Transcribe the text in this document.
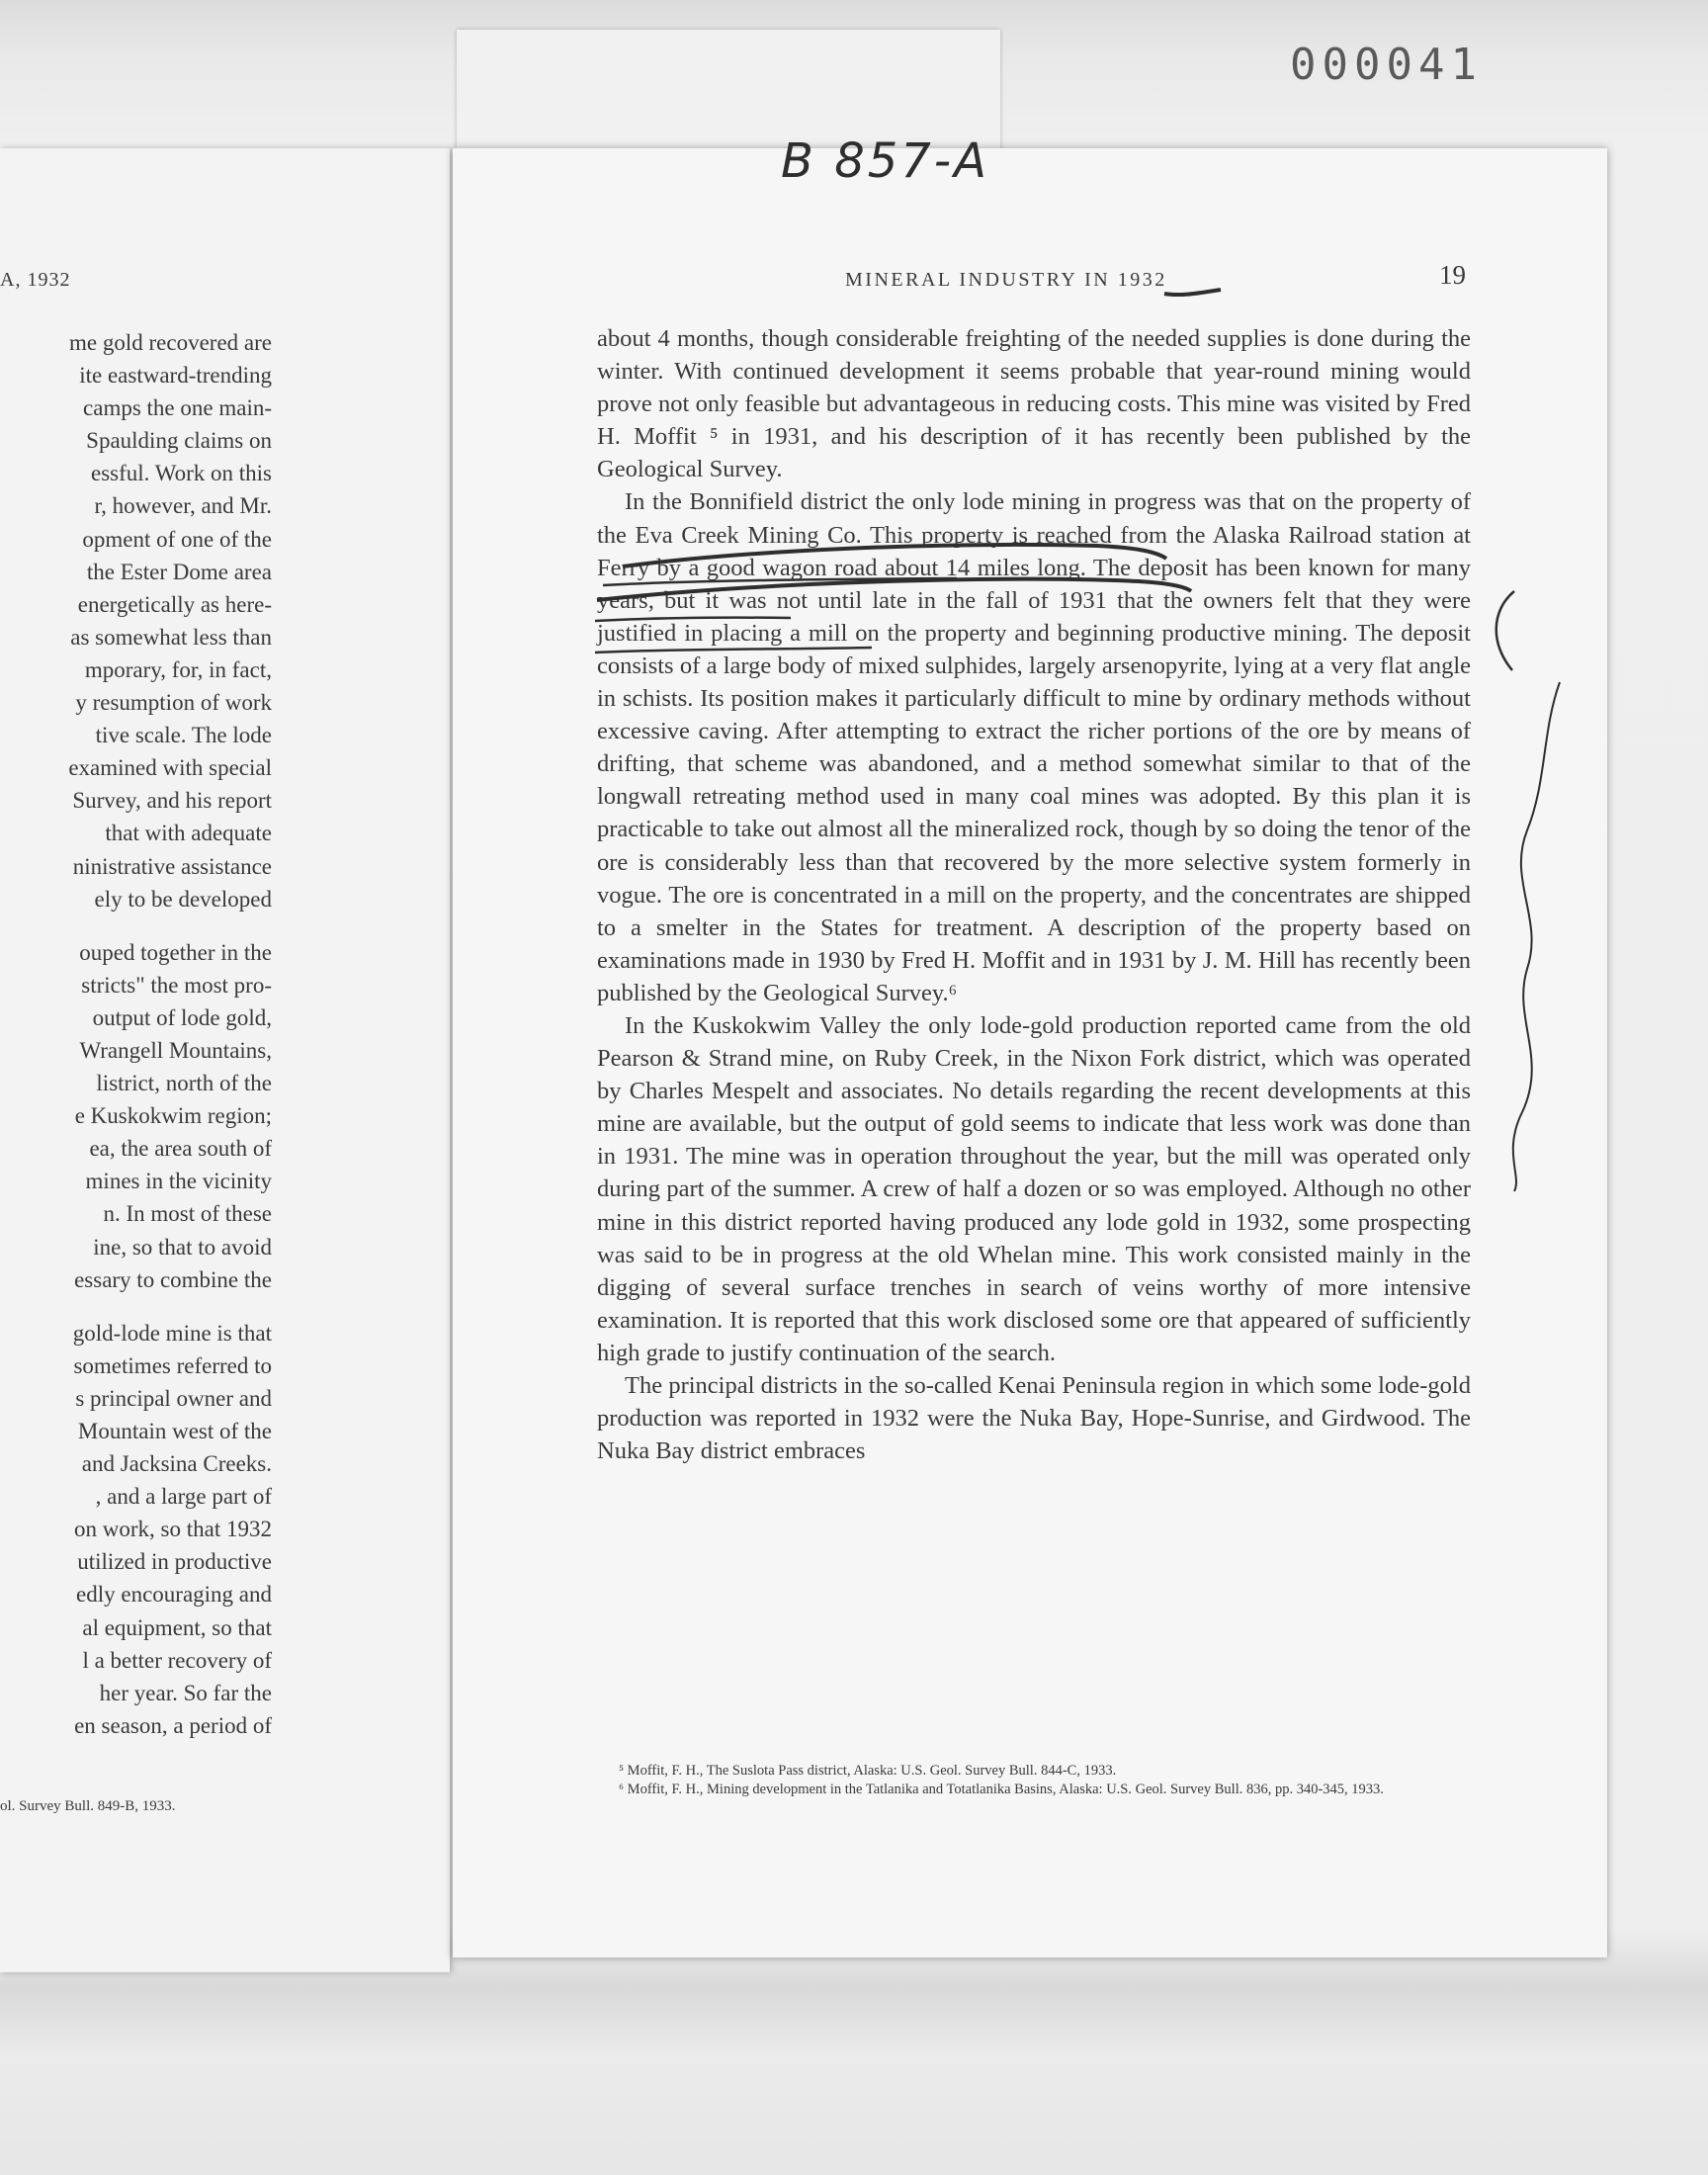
000041
A, 1932
me gold recovered are
ite eastward-trending
camps the one main-
Spaulding claims on
essful. Work on this
r, however, and Mr.
opment of one of the
the Ester Dome area
energetically as here-
as somewhat less than
mporary, for, in fact,
y resumption of work
tive scale. The lode
examined with special
Survey, and his report
that with adequate
ninistrative assistance
ely to be developed
ouped together in the
stricts" the most pro-
output of lode gold,
Wrangell Mountains,
listrict, north of the
e Kuskokwim region;
ea, the area south of
mines in the vicinity
n. In most of these
ine, so that to avoid
essary to combine the
gold-lode mine is that
sometimes referred to
s principal owner and
Mountain west of the
and Jacksina Creeks.
, and a large part of
on work, so that 1932
utilized in productive
edly encouraging and
al equipment, so that
l a better recovery of
her year. So far the
en season, a period of
ol. Survey Bull. 849-B, 1933.
MINERAL INDUSTRY IN 1932	19

about 4 months, though considerable freighting of the needed supplies is done during the winter. With continued development it seems probable that year-round mining would prove not only feasible but advantageous in reducing costs. This mine was visited by Fred H. Moffit ⁵ in 1931, and his description of it has recently been published by the Geological Survey.

In the Bonnifield district the only lode mining in progress was that on the property of the Eva Creek Mining Co. This property is reached from the Alaska Railroad station at Ferry by a good wagon road about 14 miles long. The deposit has been known for many years, but it was not until late in the fall of 1931 that the owners felt that they were justified in placing a mill on the property and beginning productive mining. The deposit consists of a large body of mixed sulphides, largely arsenopyrite, lying at a very flat angle in schists. Its position makes it particularly difficult to mine by ordinary methods without excessive caving. After attempting to extract the richer portions of the ore by means of drifting, that scheme was abandoned, and a method somewhat similar to that of the longwall retreating method used in many coal mines was adopted. By this plan it is practicable to take out almost all the mineralized rock, though by so doing the tenor of the ore is considerably less than that recovered by the more selective system formerly in vogue. The ore is concentrated in a mill on the property, and the concentrates are shipped to a smelter in the States for treatment. A description of the property based on examinations made in 1930 by Fred H. Moffit and in 1931 by J. M. Hill has recently been published by the Geological Survey.⁶

In the Kuskokwim Valley the only lode-gold production reported came from the old Pearson & Strand mine, on Ruby Creek, in the Nixon Fork district, which was operated by Charles Mespelt and associates. No details regarding the recent developments at this mine are available, but the output of gold seems to indicate that less work was done than in 1931. The mine was in operation throughout the year, but the mill was operated only during part of the summer. A crew of half a dozen or so was employed. Although no other mine in this district reported having produced any lode gold in 1932, some prospecting was said to be in progress at the old Whelan mine. This work consisted mainly in the digging of several surface trenches in search of veins worthy of more intensive examination. It is reported that this work disclosed some ore that appeared of sufficiently high grade to justify continuation of the search.

The principal districts in the so-called Kenai Peninsula region in which some lode-gold production was reported in 1932 were the Nuka Bay, Hope-Sunrise, and Girdwood. The Nuka Bay district embraces

⁵ Moffit, F. H., The Suslota Pass district, Alaska: U.S. Geol. Survey Bull. 844-C, 1933.

⁶ Moffit, F. H., Mining development in the Tatlanika and Totatlanika Basins, Alaska: U.S. Geol. Survey Bull. 836, pp. 340-345, 1933.

B 857-A
